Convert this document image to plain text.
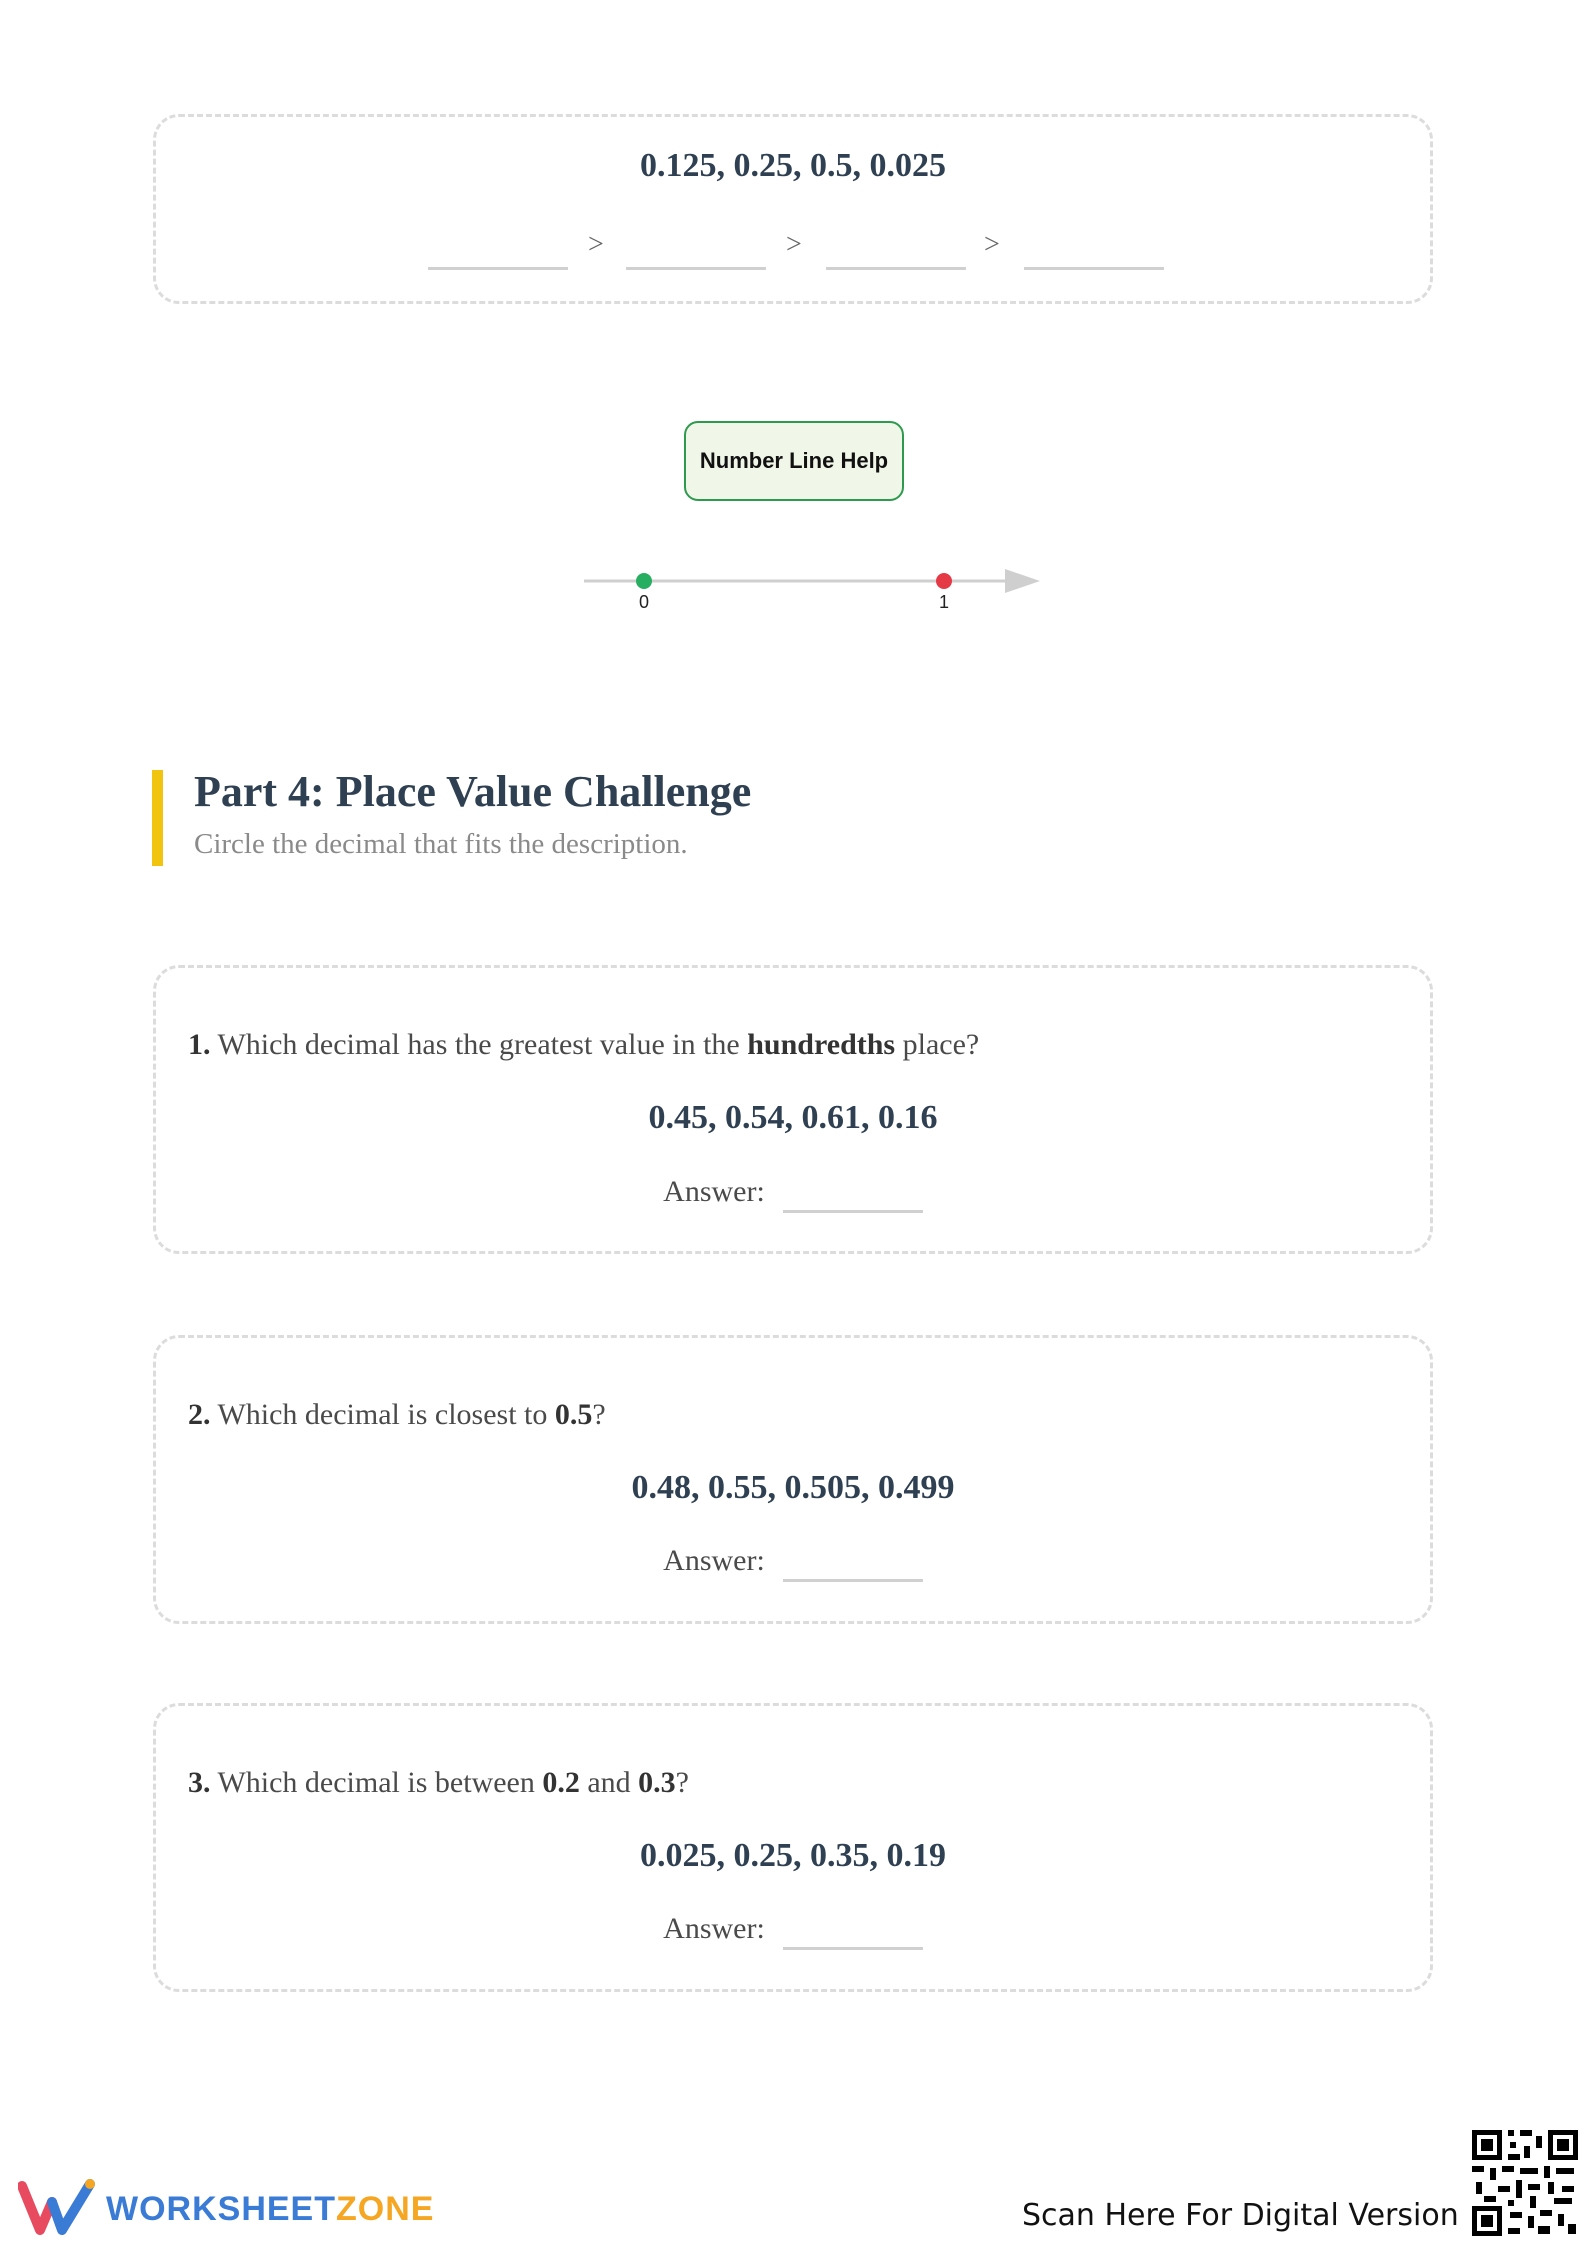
0.125, 0.25, 0.5, 0.025
>	>	>
Number Line Help
0	1
Part 4: Place Value Challenge
Circle the decimal that fits the description.
1. Which decimal has the greatest value in the hundredths place?
0.45, 0.54, 0.61, 0.16
Answer:
2. Which decimal is closest to 0.5?
0.48, 0.55, 0.505, 0.499
Answer:
3. Which decimal is between 0.2 and 0.3?
0.025, 0.25, 0.35, 0.19
Answer:
WORKSHEETZONE	Scan Here For Digital Version
